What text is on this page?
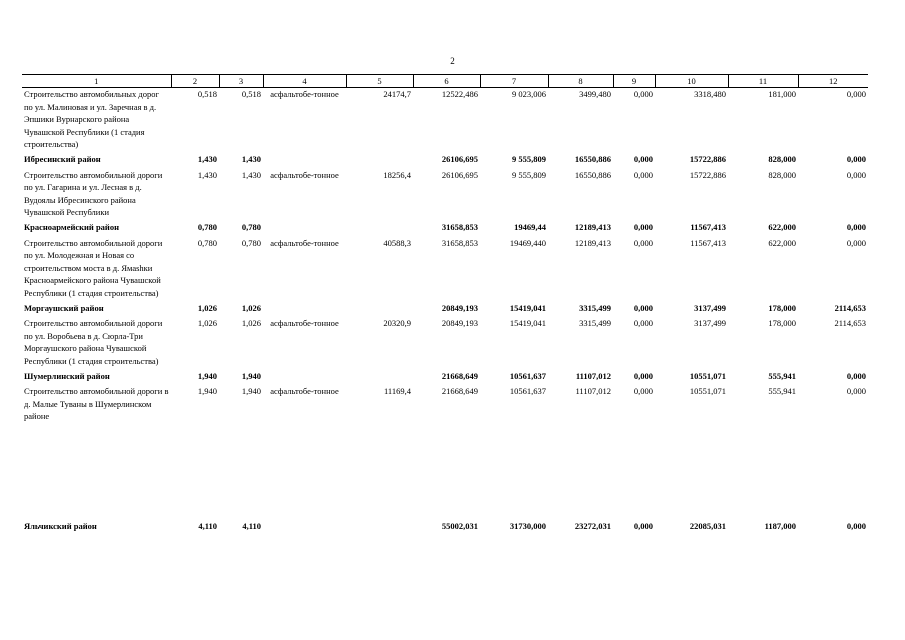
2
1	2	3	4	5	6	7	8	9	10	11	12
Строительство автомобильных дорог по ул. Малиновая и ул. Заречная в д. Эпшики Вурнарского района Чувашской Республики (1 стадия строительства)	0,518	0,518	асфальтобе-тонное	24174,7	12522,486	9 023,006	3499,480	0,000	3318,480	181,000	0,000
Ибресинский район	1,430	1,430			26106,695	9 555,809	16550,886	0,000	15722,886	828,000	0,000
Строительство автомобильной дороги по ул. Гагарина и ул. Лесная в д. Вудоялы Ибресинского района Чувашской Республики	1,430	1,430	асфальтобе-тонное	18256,4	26106,695	9 555,809	16550,886	0,000	15722,886	828,000	0,000
Красноармейский район	0,780	0,780			31658,853	19469,44	12189,413	0,000	11567,413	622,000	0,000
Строительство автомобильной дороги по ул. Молодежная и Новая со строительством моста в д. Ямаshки Красноармейского района Чувашской Республики (1 стадия строительства)	0,780	0,780	асфальтобе-тонное	40588,3	31658,853	19469,440	12189,413	0,000	11567,413	622,000	0,000
Моргаушский район	1,026	1,026			20849,193	15419,041	3315,499	0,000	3137,499	178,000	2114,653
Строительство автомобильной дороги по ул. Воробьева в д. Сюрла-Три Моргаушского района Чувашской Республики (1 стадия строительства)	1,026	1,026	асфальтобе-тонное	20320,9	20849,193	15419,041	3315,499	0,000	3137,499	178,000	2114,653
Шумерлинский район	1,940	1,940			21668,649	10561,637	11107,012	0,000	10551,071	555,941	0,000
Строительство автомобильной дороги в д. Малые Туваны в Шумерлинском районе	1,940	1,940	асфальтобе-тонное	11169,4	21668,649	10561,637	11107,012	0,000	10551,071	555,941	0,000
Яльчикский район	4,110	4,110			55002,031	31730,000	23272,031	0,000	22085,031	1187,000	0,000
